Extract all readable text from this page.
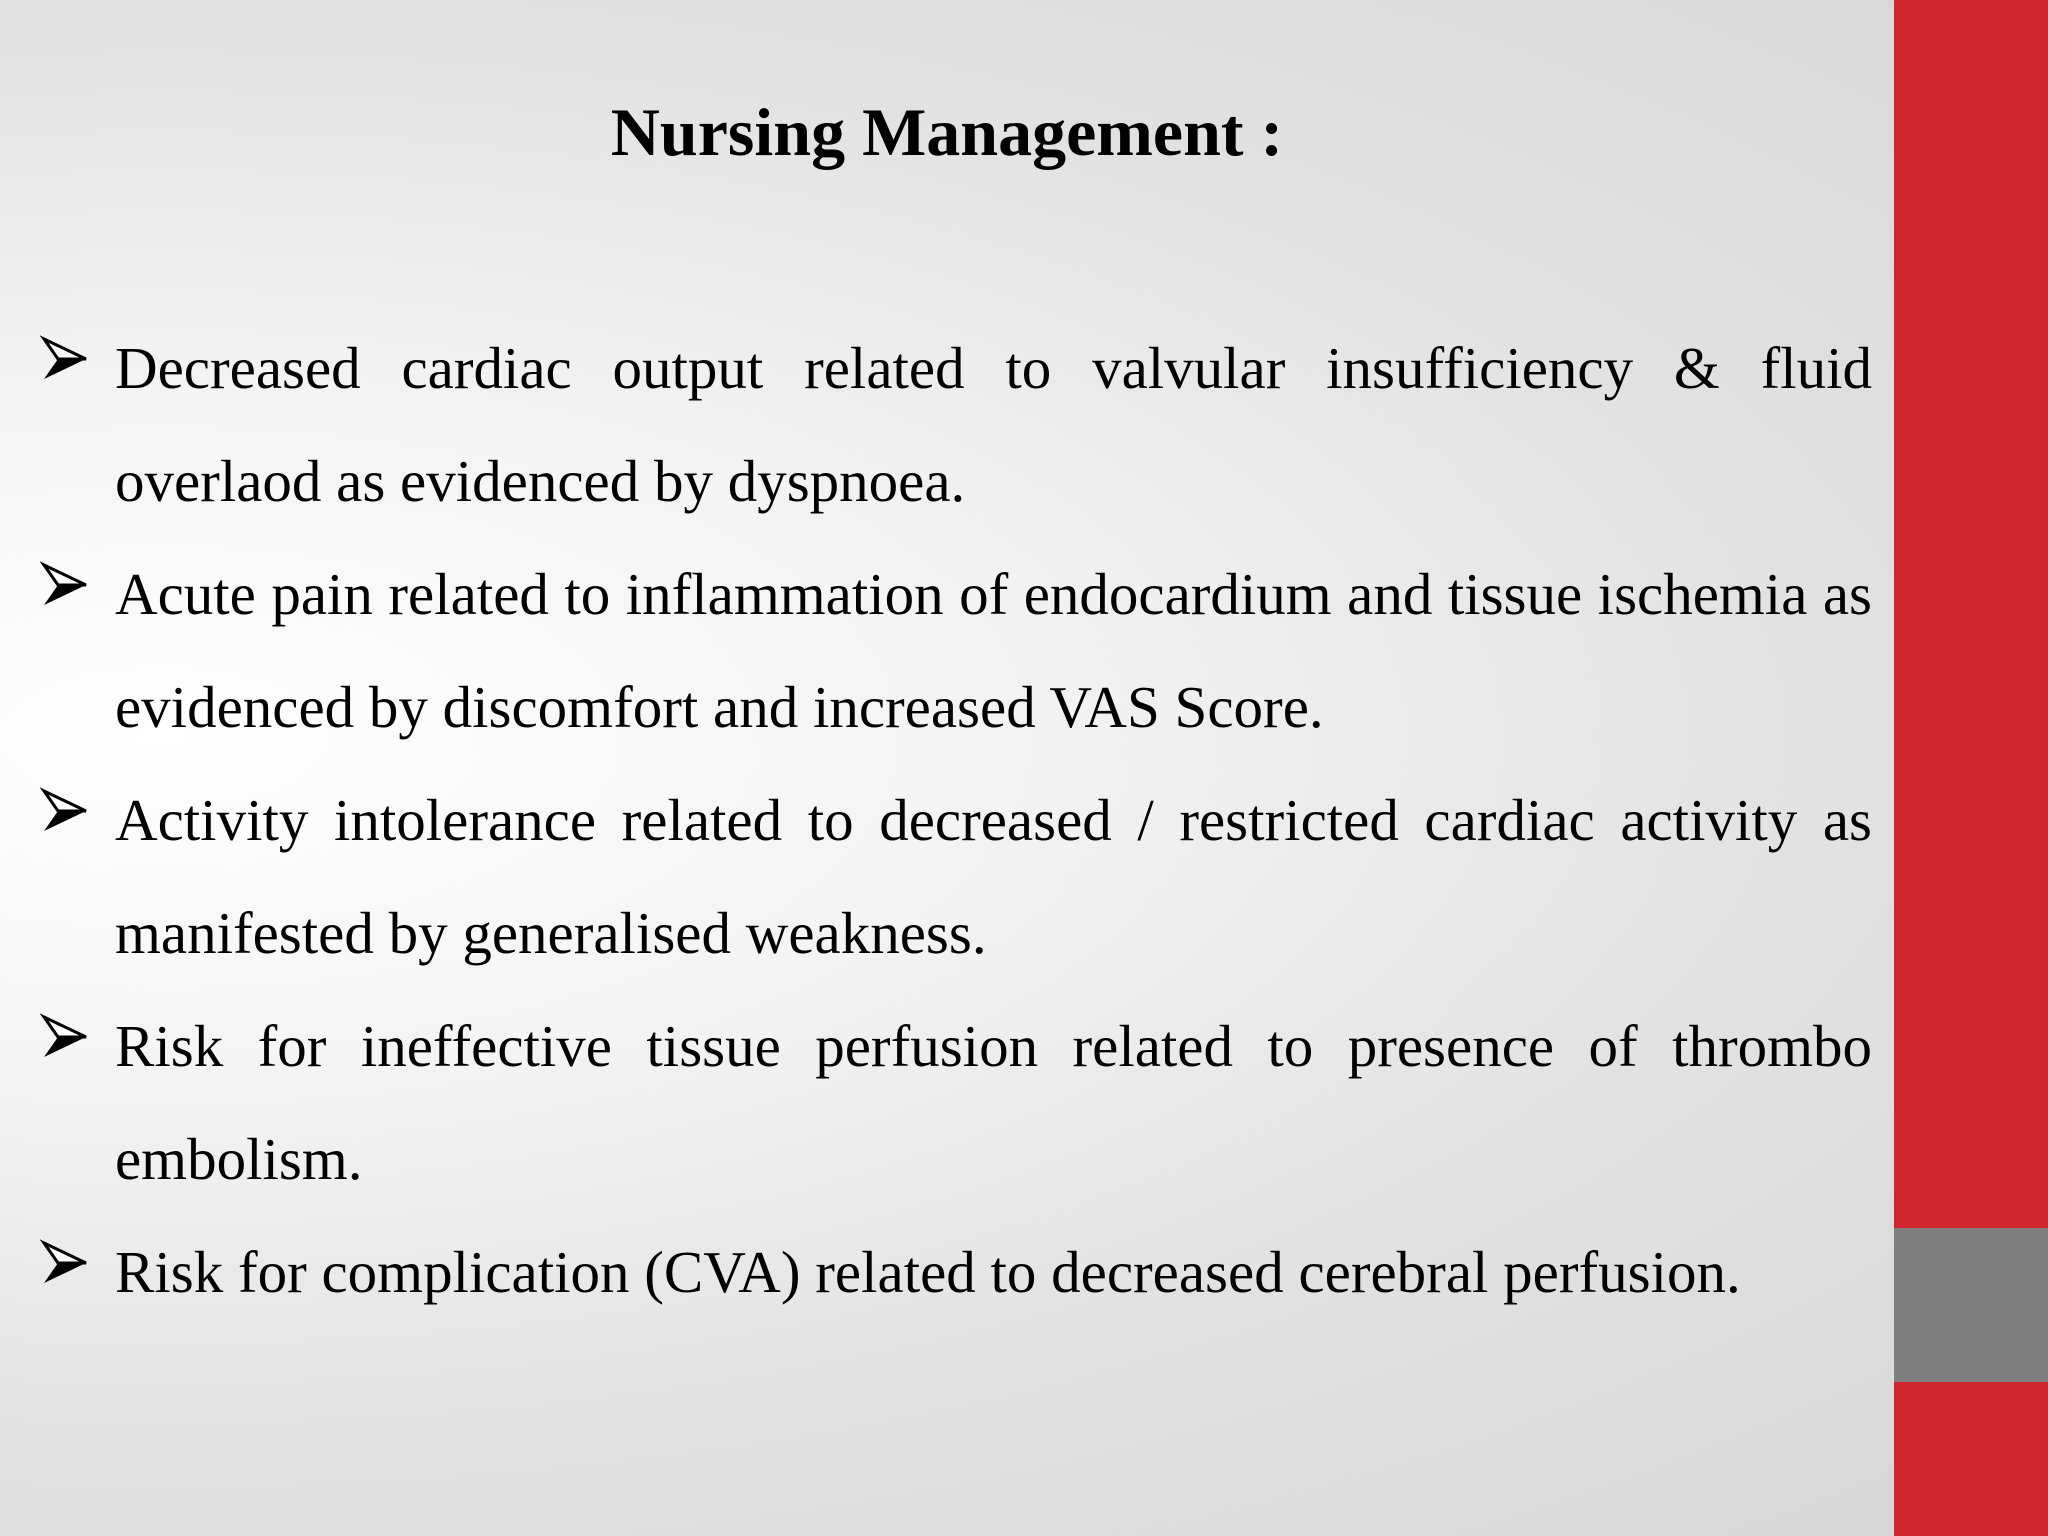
Nursing Management :
Decreased cardiac output related to valvular insufficiency & fluid overlaod as evidenced by dyspnoea.
Acute pain related to inflammation of endocardium and tissue ischemia as evidenced by discomfort and increased VAS Score.
Activity intolerance related to decreased / restricted cardiac activity as manifested by generalised weakness.
Risk for ineffective tissue perfusion related to presence of thrombo embolism.
Risk for complication (CVA) related to decreased cerebral perfusion.
